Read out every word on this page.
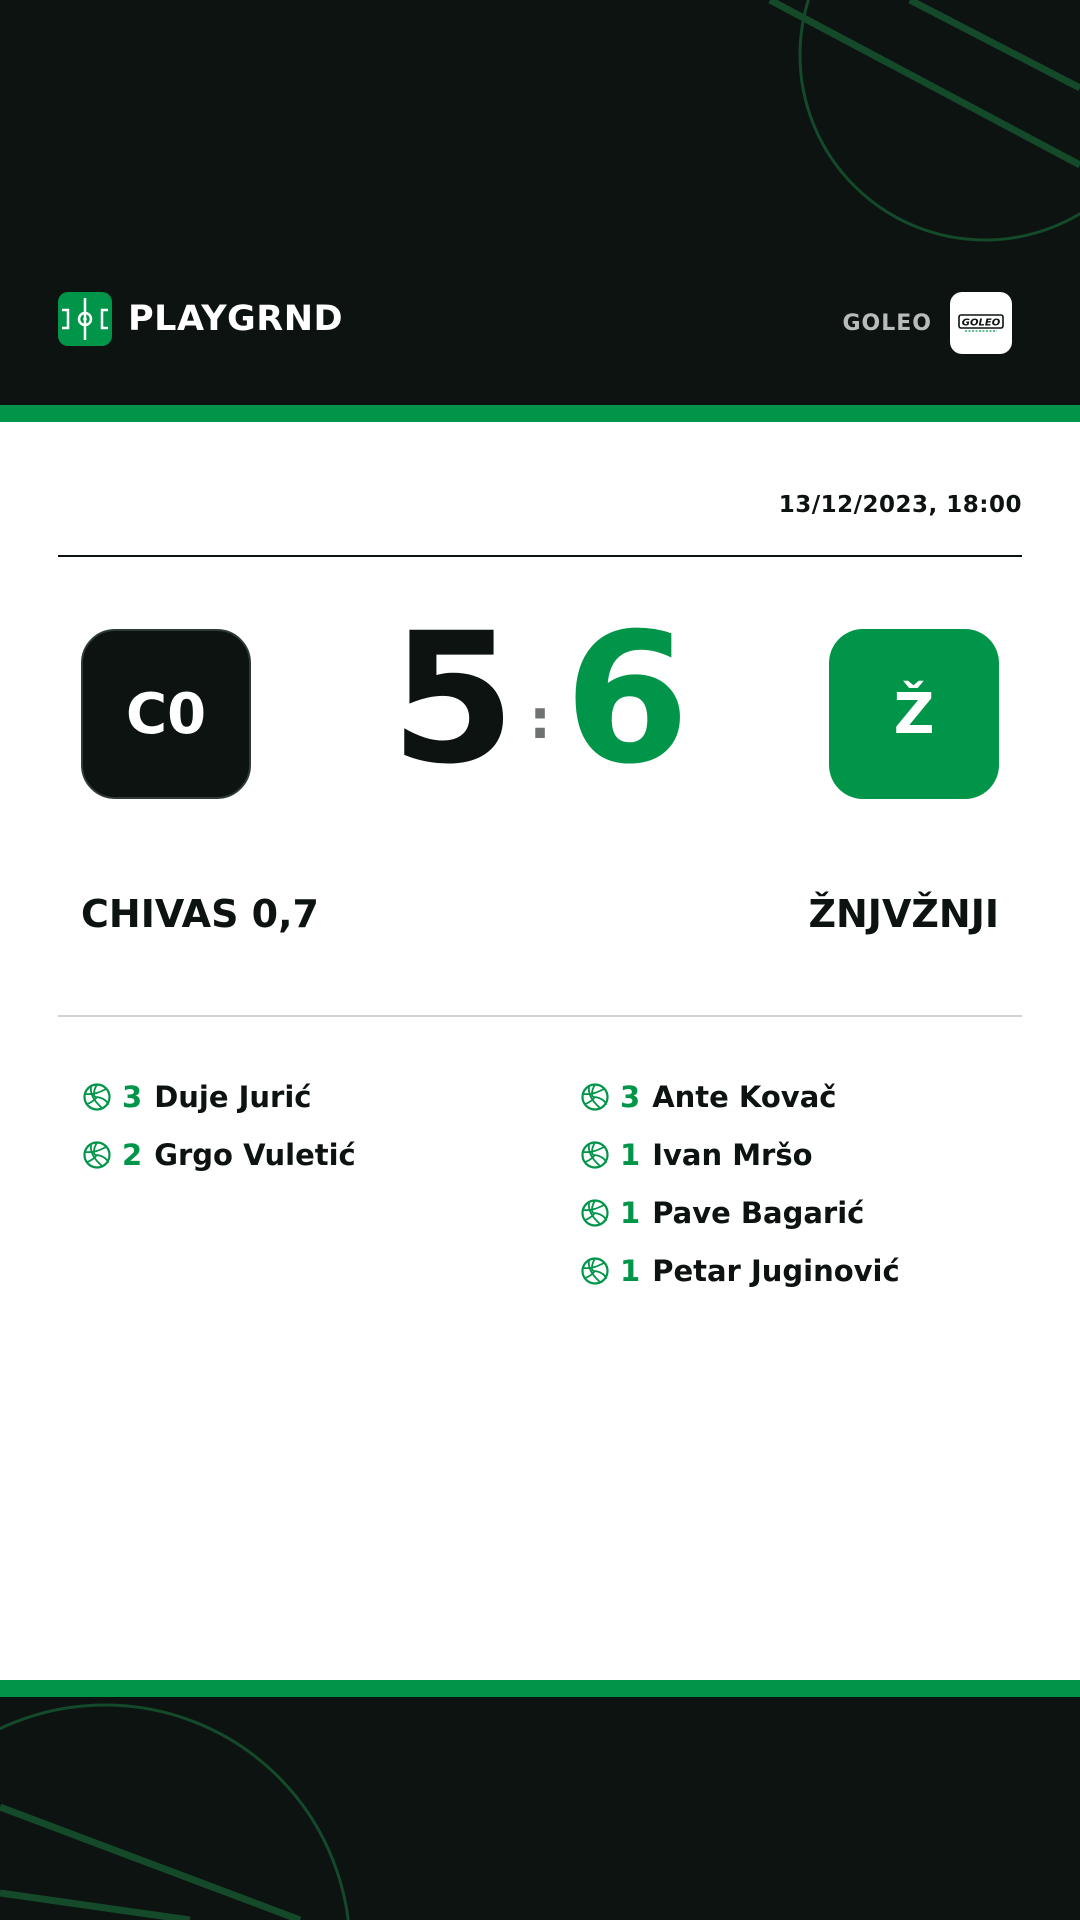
PLAYGRND	GOLEO	GOLEO
13/12/2023, 18:00
C0 5 : 6	Ž
CHIVAS 0,7	ŽNJVŽNJI
3 Duje Jurić
2 Grgo Vuletić
3 Ante Kovač
1 Ivan Mršo
1 Pave Bagarić
1 Petar Juginović
